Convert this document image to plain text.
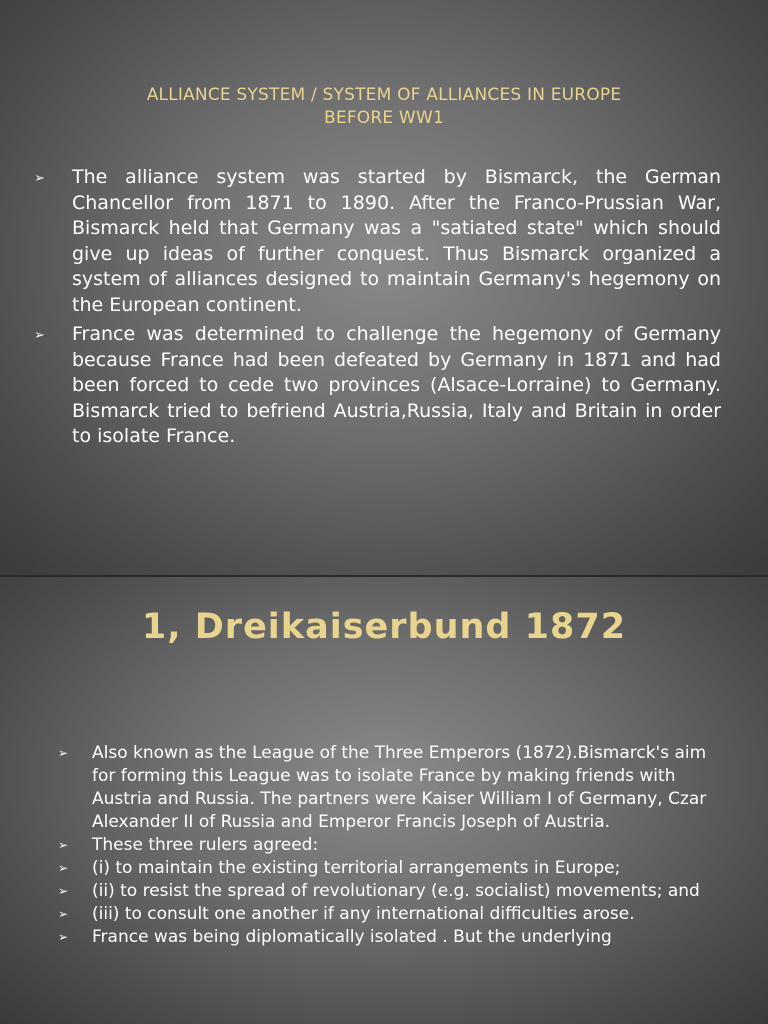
ALLIANCE SYSTEM / SYSTEM OF ALLIANCES IN EUROPE
BEFORE WW1
➢ The alliance system was started by Bismarck, the German Chancellor from 1871 to 1890. After the Franco-Prussian War, Bismarck held that Germany was a "satiated state" which should give up ideas of further conquest. Thus Bismarck organized a system of alliances designed to maintain Germany's hegemony on the European continent.
➢ France was determined to challenge the hegemony of Germany because France had been defeated by Germany in 1871 and had been forced to cede two provinces (Alsace-Lorraine) to Germany. Bismarck tried to befriend Austria,Russia, Italy and Britain in order to isolate France.
1, Dreikaiserbund 1872
➢ Also known as the League of the Three Emperors (1872).Bismarck's aim for forming this League was to isolate France by making friends with Austria and Russia. The partners were Kaiser William I of Germany, Czar Alexander II of Russia and Emperor Francis Joseph of Austria.
➢ These three rulers agreed:
➢ (i) to maintain the existing territorial arrangements in Europe;
➢ (ii) to resist the spread of revolutionary (e.g. socialist) movements; and
➢ (iii) to consult one another if any international difficulties arose.
➢ France was being diplomatically isolated . But the underlying
